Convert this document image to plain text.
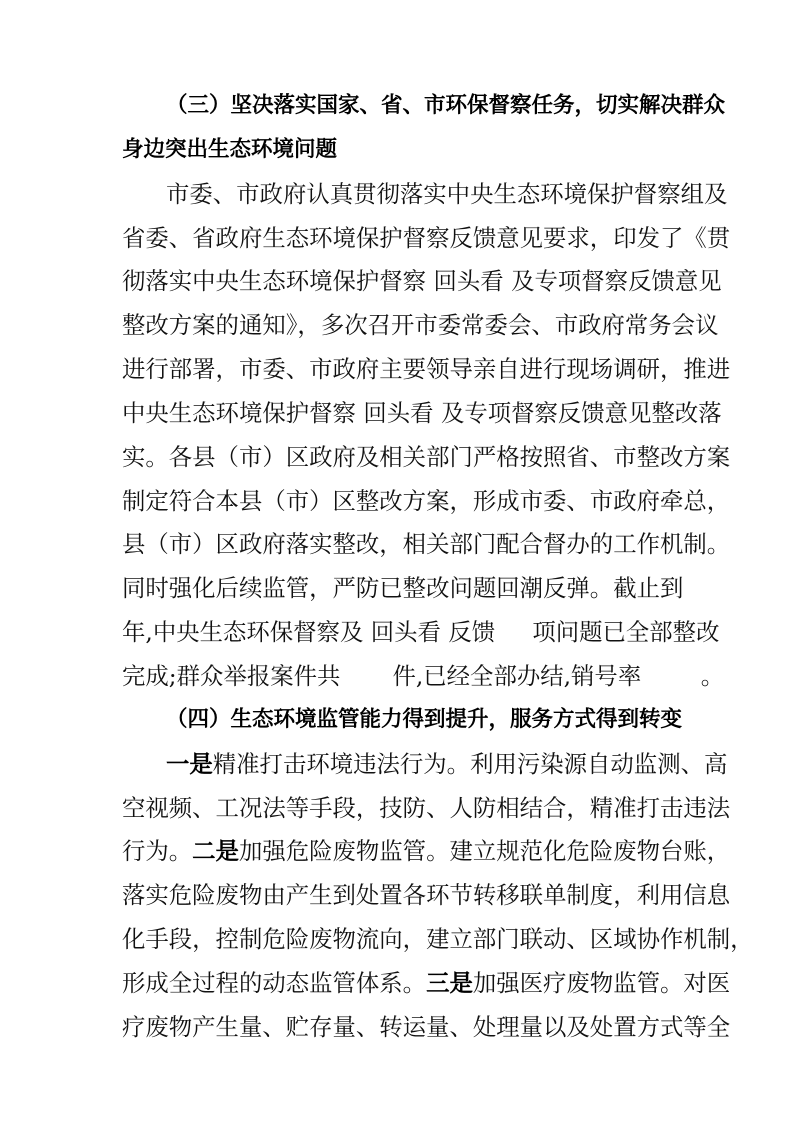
（三）坚决落实国家、省、市环保督察任务，切实解决群众
身边突出生态环境问题
市委、市政府认真贯彻落实中央生态环境保护督察组及
省委、省政府生态环境保护督察反馈意见要求，印发了《贯
彻落实中央生态环境保护督察 回头看 及专项督察反馈意见
整改方案的通知》，多次召开市委常委会、市政府常务会议
进行部署，市委、市政府主要领导亲自进行现场调研，推进
中央生态环境保护督察 回头看 及专项督察反馈意见整改落
实。各县（市）区政府及相关部门严格按照省、市整改方案
制定符合本县（市）区整改方案，形成市委、市政府牵总，
县（市）区政府落实整改，相关部门配合督办的工作机制。
同时强化后续监管，严防已整改问题回潮反弹。截止到
年,中央生态环保督察及 回头看 反馈     项问题已全部整改
完成;群众举报案件共       件,已经全部办结,销号率        。
（四）生态环境监管能力得到提升，服务方式得到转变
一是精准打击环境违法行为。利用污染源自动监测、高
空视频、工况法等手段，技防、人防相结合，精准打击违法
行为。二是加强危险废物监管。建立规范化危险废物台账，
落实危险废物由产生到处置各环节转移联单制度，利用信息
化手段，控制危险废物流向，建立部门联动、区域协作机制，
形成全过程的动态监管体系。三是加强医疗废物监管。对医
疗废物产生量、贮存量、转运量、处理量以及处置方式等全
